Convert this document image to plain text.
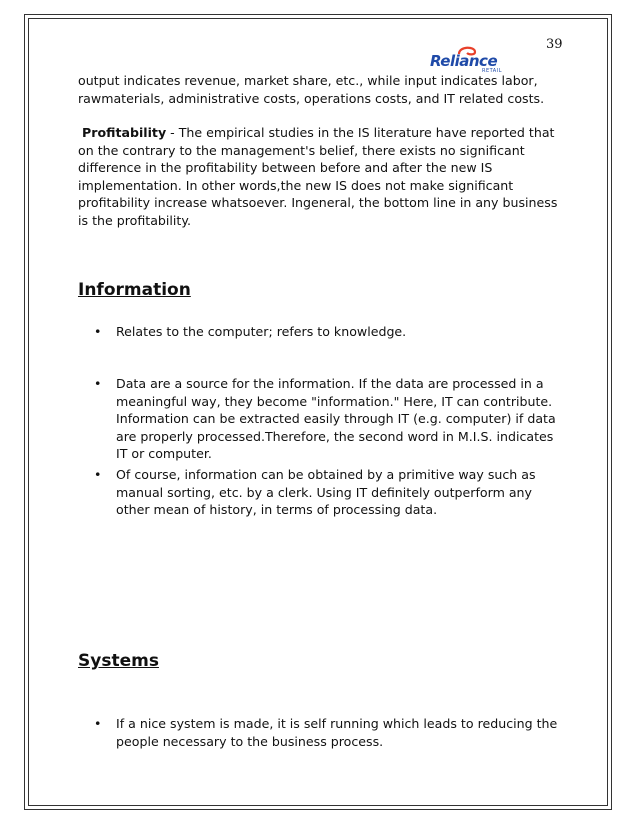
39
Reliance
RETAIL

output indicates revenue, market share, etc., while input indicates labor, rawmaterials, administrative costs, operations costs, and IT related costs.

Profitability - The empirical studies in the IS literature have reported that on the contrary to the management's belief, there exists no significant difference in the profitability between before and after the new IS implementation. In other words,the new IS does not make significant profitability increase whatsoever. Ingeneral, the bottom line in any business is the profitability.

Information
• Relates to the computer; refers to knowledge.
• Data are a source for the information. If the data are processed in a meaningful way, they become "information." Here, IT can contribute. Information can be extracted easily through IT (e.g. computer) if data are properly processed.Therefore, the second word in M.I.S. indicates IT or computer.
• Of course, information can be obtained by a primitive way such as manual sorting, etc. by a clerk. Using IT definitely outperform any other mean of history, in terms of processing data.
Systems
• If a nice system is made, it is self running which leads to reducing the people necessary to the business process.
